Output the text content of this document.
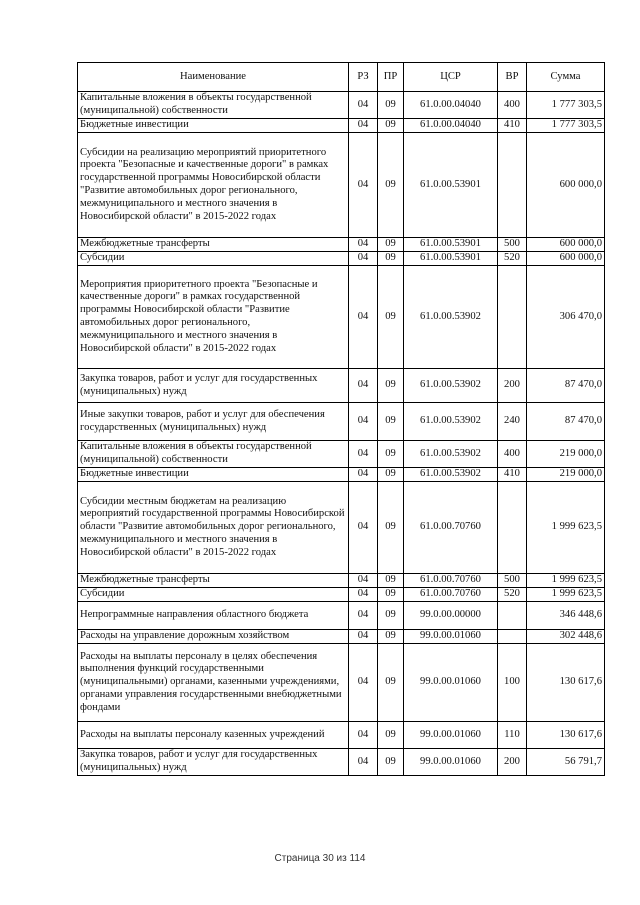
Наименование	РЗ	ПР	ЦСР	ВР	Сумма
Капитальные вложения в объекты государственной (муниципальной) собственности	04	09	61.0.00.04040	400	1 777 303,5
Бюджетные инвестиции	04	09	61.0.00.04040	410	1 777 303,5
Субсидии на реализацию мероприятий приоритетного проекта "Безопасные и качественные дороги" в рамках государственной программы Новосибирской области "Развитие автомобильных дорог регионального, межмуниципального и местного значения в Новосибирской области" в 2015-2022 годах	04	09	61.0.00.53901		600 000,0
Межбюджетные трансферты	04	09	61.0.00.53901	500	600 000,0
Субсидии	04	09	61.0.00.53901	520	600 000,0
Мероприятия приоритетного проекта "Безопасные и качественные дороги" в рамках государственной программы Новосибирской области "Развитие автомобильных дорог регионального, межмуниципального и местного значения в Новосибирской области" в 2015-2022 годах	04	09	61.0.00.53902		306 470,0
Закупка товаров, работ и услуг для государственных (муниципальных) нужд	04	09	61.0.00.53902	200	87 470,0
Иные закупки товаров, работ и услуг для обеспечения государственных (муниципальных) нужд	04	09	61.0.00.53902	240	87 470,0
Капитальные вложения в объекты государственной (муниципальной) собственности	04	09	61.0.00.53902	400	219 000,0
Бюджетные инвестиции	04	09	61.0.00.53902	410	219 000,0
Субсидии местным бюджетам на реализацию мероприятий государственной программы Новосибирской области "Развитие автомобильных дорог регионального, межмуниципального и местного значения в Новосибирской области" в 2015-2022 годах	04	09	61.0.00.70760		1 999 623,5
Межбюджетные трансферты	04	09	61.0.00.70760	500	1 999 623,5
Субсидии	04	09	61.0.00.70760	520	1 999 623,5
Непрограммные направления областного бюджета	04	09	99.0.00.00000		346 448,6
Расходы на управление дорожным хозяйством	04	09	99.0.00.01060		302 448,6
Расходы на выплаты персоналу в целях обеспечения выполнения функций государственными (муниципальными) органами, казенными учреждениями, органами управления государственными внебюджетными фондами	04	09	99.0.00.01060	100	130 617,6
Расходы на выплаты персоналу казенных учреждений	04	09	99.0.00.01060	110	130 617,6
Закупка товаров, работ и услуг для государственных (муниципальных) нужд	04	09	99.0.00.01060	200	56 791,7
Страница 30 из 114
